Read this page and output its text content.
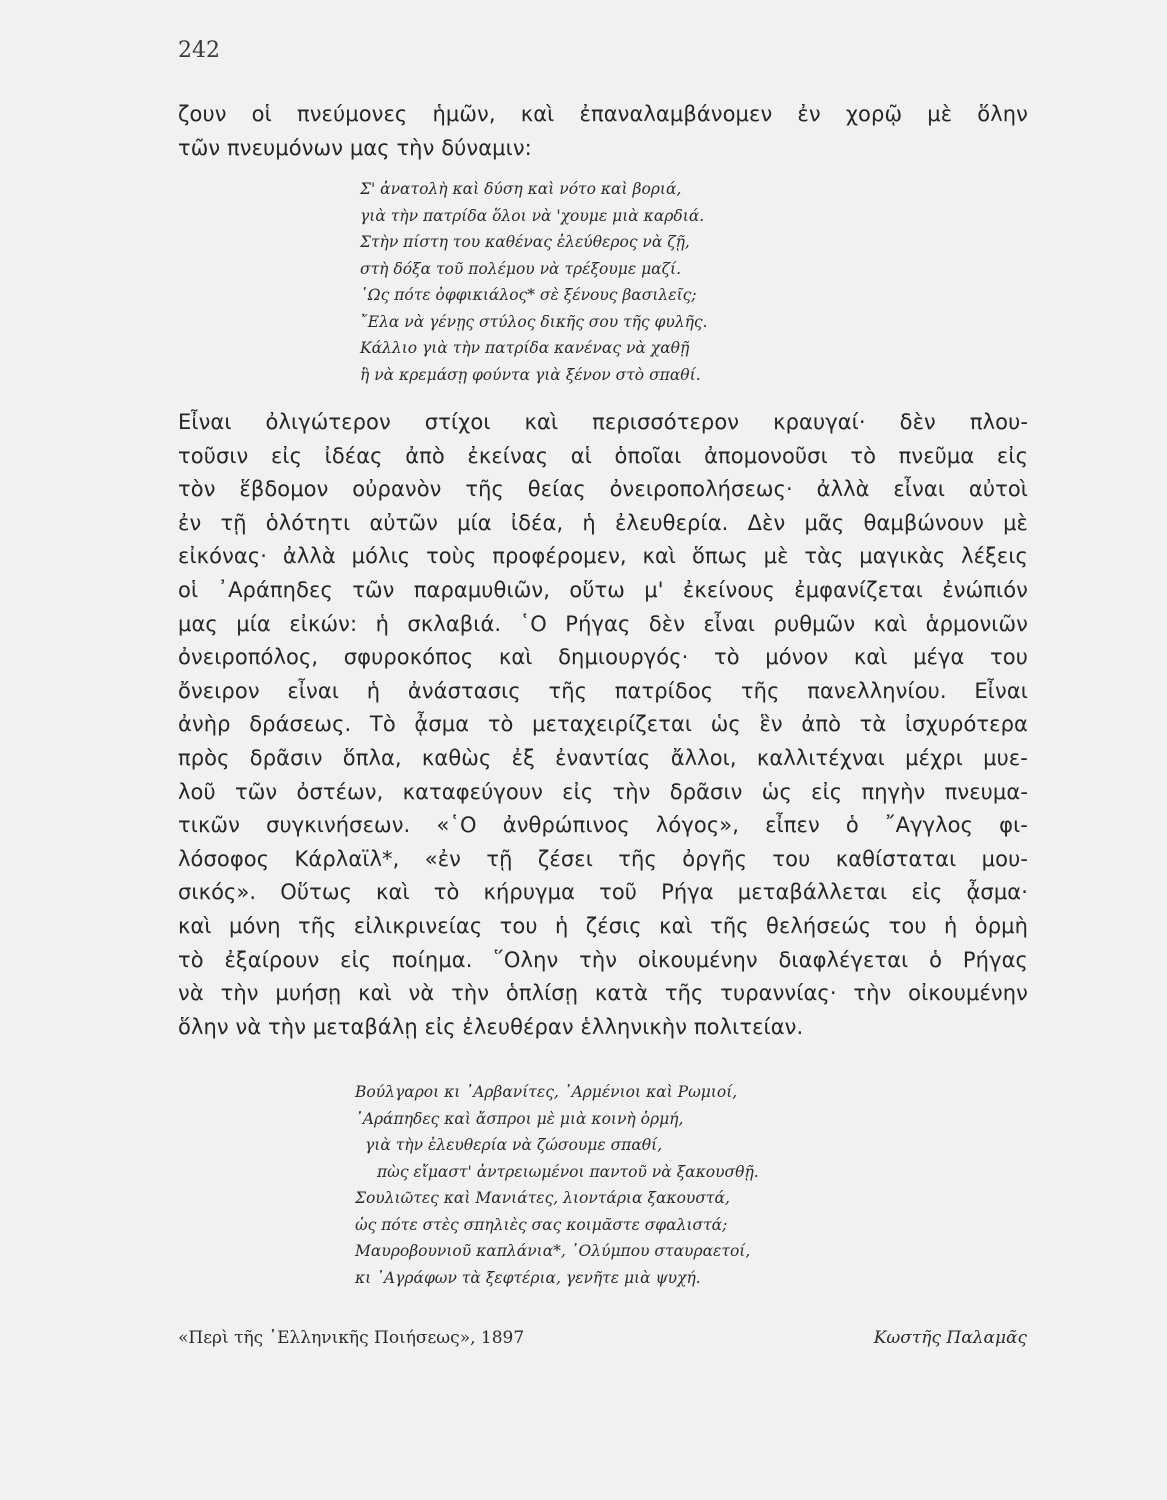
242
ζουν οἱ πνεύμονες ἡμῶν, καὶ ἐπαναλαμβάνομεν ἐν χορῷ μὲ ὅλην
τῶν πνευμόνων μας τὴν δύναμιν:
Σ' ἀνατολὴ καὶ δύση καὶ νότο καὶ βοριά,
γιὰ τὴν πατρίδα ὅλοι νὰ 'χουμε μιὰ καρδιά.
Στὴν πίστη του καθένας ἐλεύθερος νὰ ζῇ,
στὴ δόξα τοῦ πολέμου νὰ τρέξουμε μαζί.
῾Ως πότε ὀφφικιάλος* σὲ ξένους βασιλεῖς;
῎Ελα νὰ γένῃς στύλος δικῆς σου τῆς φυλῆς.
Κάλλιο γιὰ τὴν πατρίδα κανένας νὰ χαθῇ
ἢ νὰ κρεμάσῃ φούντα γιὰ ξένον στὸ σπαθί.
Εἶναι ὀλιγώτερον στίχοι καὶ περισσότερον κραυγαί· δὲν πλου-
τοῦσιν εἰς ἰδέας ἀπὸ ἐκείνας αἱ ὁποῖαι ἀπομονοῦσι τὸ πνεῦμα εἰς
τὸν ἕβδομον οὐρανὸν τῆς θείας ὀνειροπολήσεως· ἀλλὰ εἶναι αὐτοὶ
ἐν τῇ ὁλότητι αὐτῶν μία ἰδέα, ἡ ἐλευθερία. Δὲν μᾶς θαμβώνουν μὲ
εἰκόνας· ἀλλὰ μόλις τοὺς προφέρομεν, καὶ ὅπως μὲ τὰς μαγικὰς λέξεις
οἱ ᾿Αράπηδες τῶν παραμυθιῶν, οὕτω μ' ἐκείνους ἐμφανίζεται ἐνώπιόν
μας μία εἰκών: ἡ σκλαβιά. ῾Ο Ρήγας δὲν εἶναι ρυθμῶν καὶ ἁρμονιῶν
ὀνειροπόλος, σφυροκόπος καὶ δημιουργός· τὸ μόνον καὶ μέγα του
ὄνειρον εἶναι ἡ ἀνάστασις τῆς πατρίδος τῆς πανελληνίου. Εἶναι
ἀνὴρ δράσεως. Τὸ ᾆσμα τὸ μεταχειρίζεται ὡς ἓν ἀπὸ τὰ ἰσχυρότερα
πρὸς δρᾶσιν ὅπλα, καθὼς ἐξ ἐναντίας ἄλλοι, καλλιτέχναι μέχρι μυε-
λοῦ τῶν ὀστέων, καταφεύγουν εἰς τὴν δρᾶσιν ὡς εἰς πηγὴν πνευμα-
τικῶν συγκινήσεων. «῾Ο ἀνθρώπινος λόγος», εἶπεν ὁ ῎Αγγλος φι-
λόσοφος Κάρλαϊλ*, «ἐν τῇ ζέσει τῆς ὀργῆς του καθίσταται μου-
σικός». Οὕτως καὶ τὸ κήρυγμα τοῦ Ρήγα μεταβάλλεται εἰς ᾆσμα·
καὶ μόνη τῆς εἰλικρινείας του ἡ ζέσις καὶ τῆς θελήσεώς του ἡ ὁρμὴ
τὸ ἐξαίρουν εἰς ποίημα. ῞Ολην τὴν οἰκουμένην διαφλέγεται ὁ Ρήγας
νὰ τὴν μυήσῃ καὶ νὰ τὴν ὁπλίσῃ κατὰ τῆς τυραννίας· τὴν οἰκουμένην
ὅλην νὰ τὴν μεταβάλῃ εἰς ἐλευθέραν ἑλληνικὴν πολιτείαν.
Βούλγαροι κι ᾿Αρβανίτες, ᾿Αρμένιοι καὶ Ρωμιοί,
᾿Αράπηδες καὶ ἄσπροι μὲ μιὰ κοινὴ ὁρμή,
γιὰ τὴν ἐλευθερία νὰ ζώσουμε σπαθί,
πὼς εἴμαστ' ἀντρειωμένοι παντοῦ νὰ ξακουσθῇ.
Σουλιῶτες καὶ Μανιάτες, λιοντάρια ξακουστά,
ὡς πότε στὲς σπηλιὲς σας κοιμᾶστε σφαλιστά;
Μαυροβουνιοῦ καπλάνια*, ᾿Ολύμπου σταυραετοί,
κι ᾿Αγράφων τὰ ξεφτέρια, γενῆτε μιὰ ψυχή.
«Περὶ τῆς ῾Ελληνικῆς Ποιήσεως», 1897	Κωστῆς Παλαμᾶς
